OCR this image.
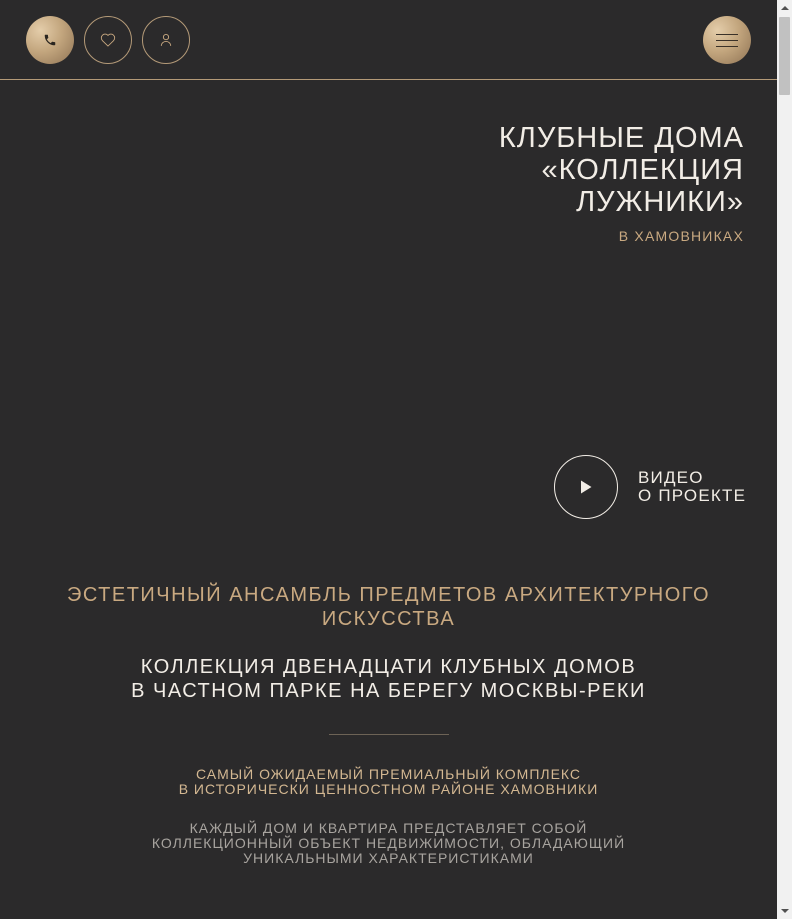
КЛУБНЫЕ ДОМА
«КОЛЛЕКЦИЯ
ЛУЖНИКИ»
В ХАМОВНИКАХ
ВИДЕО
О ПРОЕКТЕ
ЭСТЕТИЧНЫЙ АНСАМБЛЬ ПРЕДМЕТОВ АРХИТЕКТУРНОГО ИСКУССТВА
КОЛЛЕКЦИЯ ДВЕНАДЦАТИ КЛУБНЫХ ДОМОВ
В ЧАСТНОМ ПАРКЕ НА БЕРЕГУ МОСКВЫ-РЕКИ
САМЫЙ ОЖИДАЕМЫЙ ПРЕМИАЛЬНЫЙ КОМПЛЕКС
В ИСТОРИЧЕСКИ ЦЕННОСТНОМ РАЙОНЕ ХАМОВНИКИ
КАЖДЫЙ ДОМ И КВАРТИРА ПРЕДСТАВЛЯЕТ СОБОЙ
КОЛЛЕКЦИОННЫЙ ОБЪЕКТ НЕДВИЖИМОСТИ, ОБЛАДАЮЩИЙ
УНИКАЛЬНЫМИ ХАРАКТЕРИСТИКАМИ
